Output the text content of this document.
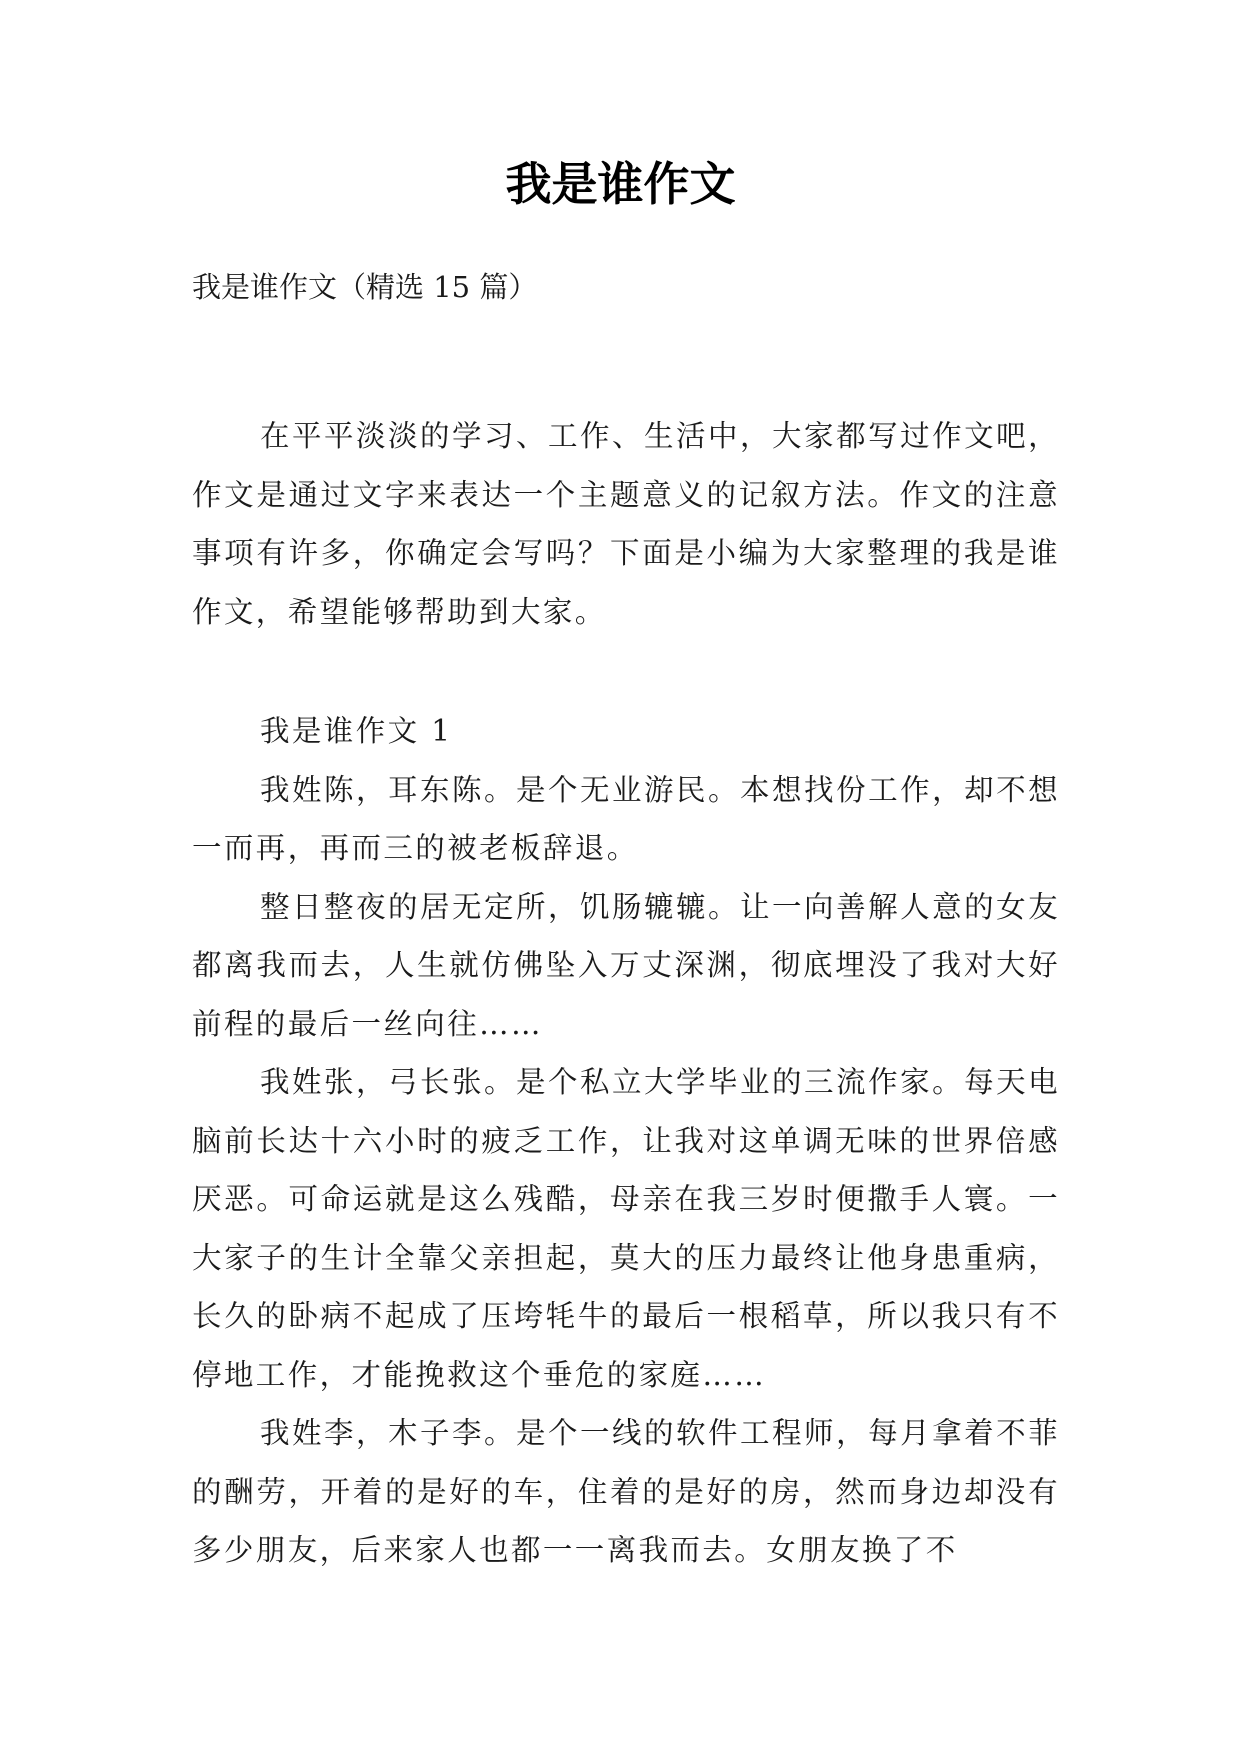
我是谁作文

我是谁作文（精选 15 篇）

在平平淡淡的学习、工作、生活中，大家都写过作文吧，作文是通过文字来表达一个主题意义的记叙方法。作文的注意事项有许多，你确定会写吗？下面是小编为大家整理的我是谁作文，希望能够帮助到大家。

我是谁作文 1

我姓陈，耳东陈。是个无业游民。本想找份工作，却不想一而再，再而三的被老板辞退。

整日整夜的居无定所，饥肠辘辘。让一向善解人意的女友都离我而去，人生就仿佛坠入万丈深渊，彻底埋没了我对大好前程的最后一丝向往……

我姓张，弓长张。是个私立大学毕业的三流作家。每天电脑前长达十六小时的疲乏工作，让我对这单调无味的世界倍感厌恶。可命运就是这么残酷，母亲在我三岁时便撒手人寰。一大家子的生计全靠父亲担起，莫大的压力最终让他身患重病，长久的卧病不起成了压垮牦牛的最后一根稻草，所以我只有不停地工作，才能挽救这个垂危的家庭……

我姓李，木子李。是个一线的软件工程师，每月拿着不菲的酬劳，开着的是好的车，住着的是好的房，然而身边却没有多少朋友，后来家人也都一一离我而去。女朋友换了不
